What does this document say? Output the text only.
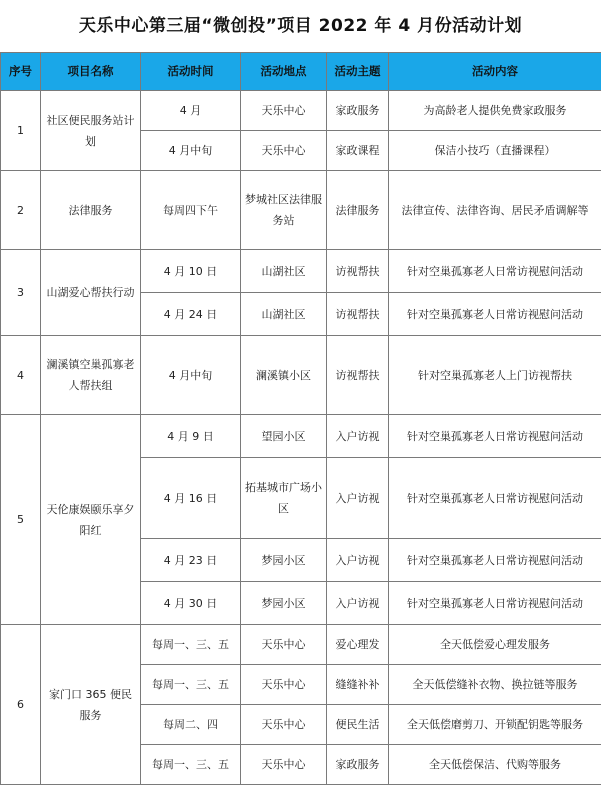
天乐中心第三届“微创投”项目 2022 年 4 月份活动计划
序号	项目名称	活动时间	活动地点	活动主题	活动内容
1	社区便民服务站计划	4 月	天乐中心	家政服务	为高龄老人提供免费家政服务
		4 月中旬	天乐中心	家政课程	保洁小技巧（直播课程）
2	法律服务	每周四下午	梦城社区法律服务站	法律服务	法律宣传、法律咨询、居民矛盾调解等
3	山湖爱心帮扶行动	4 月 10 日	山湖社区	访视帮扶	针对空巢孤寡老人日常访视慰问活动
		4 月 24 日	山湖社区	访视帮扶	针对空巢孤寡老人日常访视慰问活动
4	澜溪镇空巢孤寡老人帮扶组	4 月中旬	澜溪镇小区	访视帮扶	针对空巢孤寡老人上门访视帮扶
5	天伦康娱颐乐享夕阳红	4 月 9 日	望园小区	入户访视	针对空巢孤寡老人日常访视慰问活动
		4 月 16 日	拓基城市广场小区	入户访视	针对空巢孤寡老人日常访视慰问活动
		4 月 23 日	梦园小区	入户访视	针对空巢孤寡老人日常访视慰问活动
		4 月 30 日	梦园小区	入户访视	针对空巢孤寡老人日常访视慰问活动
6	家门口 365 便民服务	每周一、三、五	天乐中心	爱心理发	全天低偿爱心理发服务
		每周一、三、五	天乐中心	缝缝补补	全天低偿缝补衣物、换拉链等服务
		每周二、四	天乐中心	便民生活	全天低偿磨剪刀、开锁配钥匙等服务
		每周一、三、五	天乐中心	家政服务	全天低偿保洁、代购等服务
